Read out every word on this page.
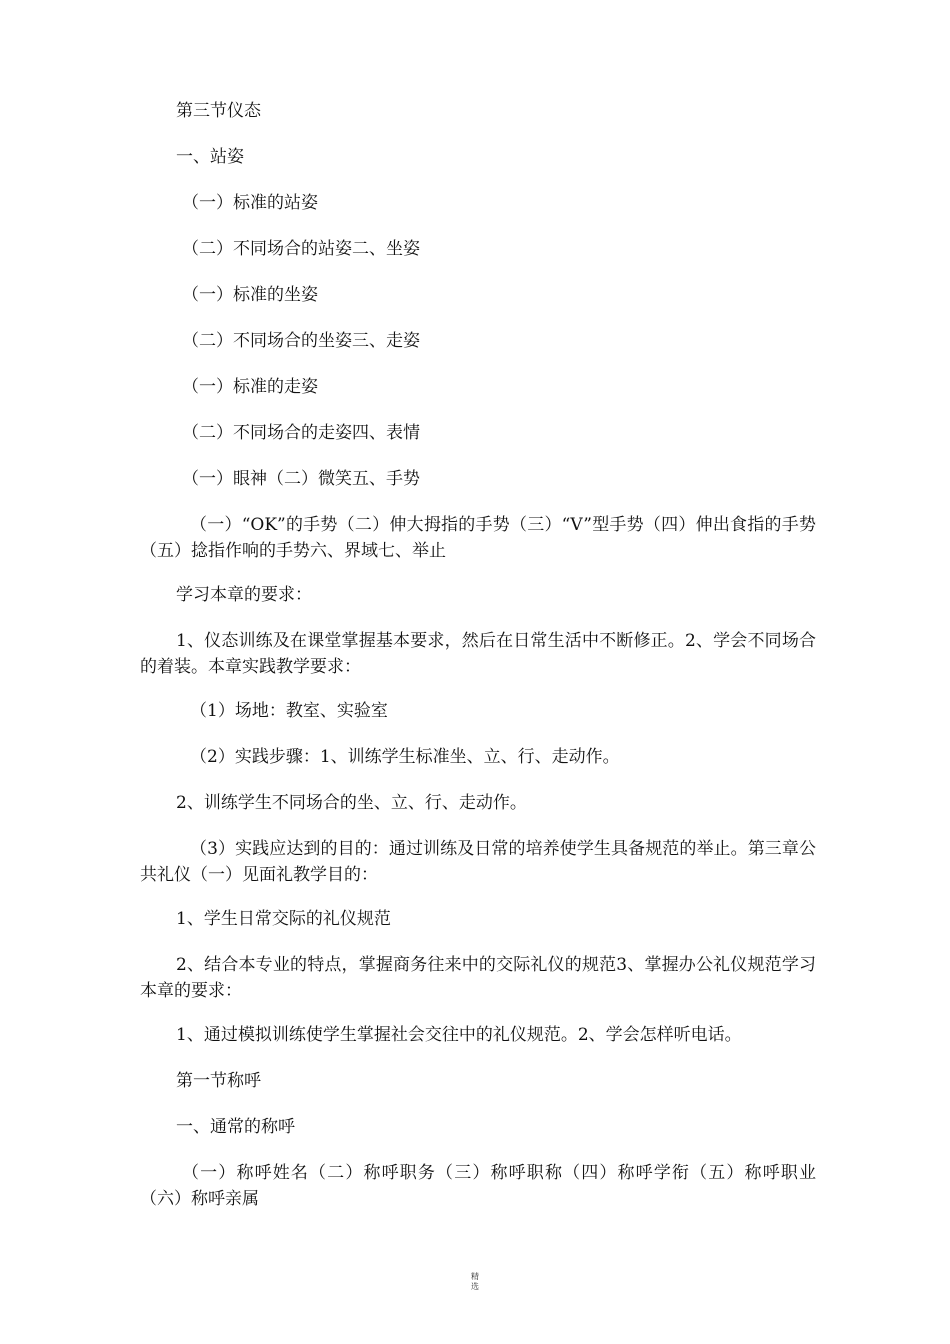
第三节仪态

一、站姿

（一）标准的站姿

（二）不同场合的站姿二、坐姿

（一）标准的坐姿

（二）不同场合的坐姿三、走姿

（一）标准的走姿

（二）不同场合的走姿四、表情

（一）眼神（二）微笑五、手势

（一）“OK”的手势（二）伸大拇指的手势（三）“V”型手势（四）伸出食指的手势（五）捻指作响的手势六、界域七、举止

学习本章的要求：

1、仪态训练及在课堂掌握基本要求，然后在日常生活中不断修正。2、学会不同场合的着装。本章实践教学要求：

（1）场地：教室、实验室

（2）实践步骤：1、训练学生标准坐、立、行、走动作。

2、训练学生不同场合的坐、立、行、走动作。

（3）实践应达到的目的：通过训练及日常的培养使学生具备规范的举止。第三章公共礼仪（一）见面礼教学目的：

1、学生日常交际的礼仪规范

2、结合本专业的特点，掌握商务往来中的交际礼仪的规范3、掌握办公礼仪规范学习本章的要求：

1、通过模拟训练使学生掌握社会交往中的礼仪规范。2、学会怎样听电话。

第一节称呼

一、通常的称呼

（一）称呼姓名（二）称呼职务（三）称呼职称（四）称呼学衔（五）称呼职业（六）称呼亲属

精选
